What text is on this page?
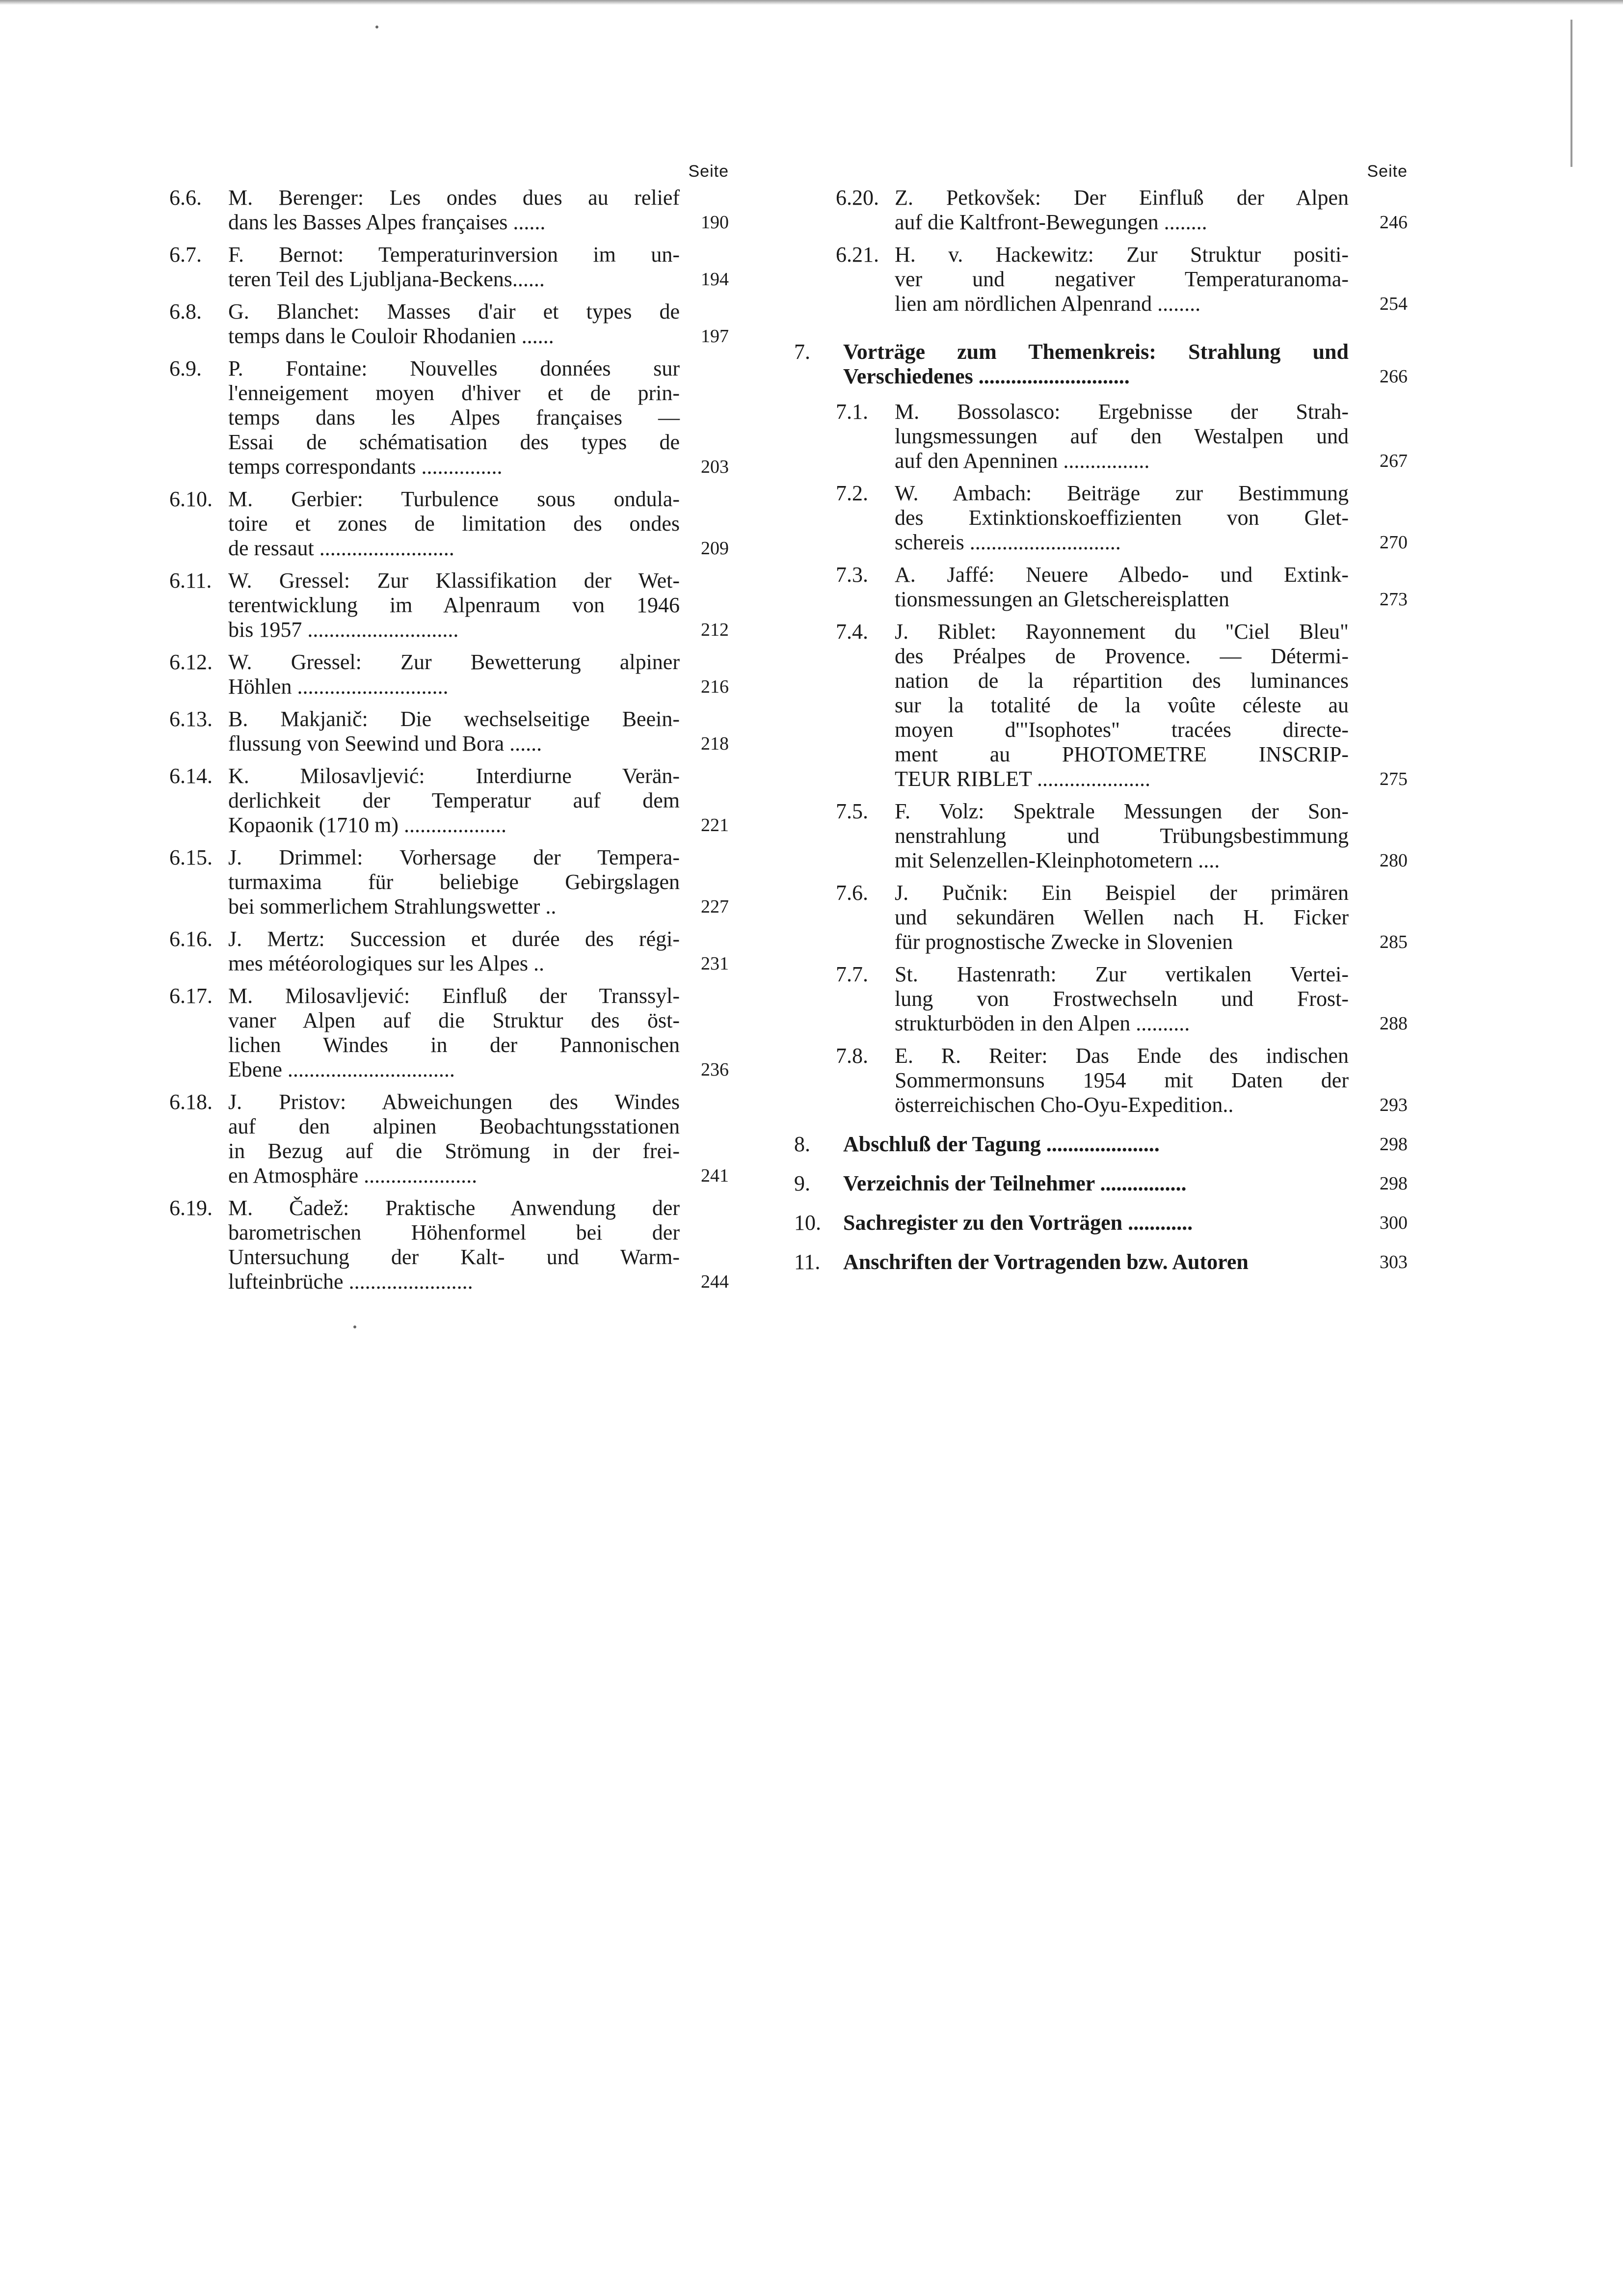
Seite
6.6. M. Berenger: Les ondes dues au relief
dans les Basses Alpes françaises ......	190
6.7. F. Bernot: Temperaturinversion im un-
teren Teil des Ljubljana-Beckens......	194
6.8. G. Blanchet: Masses d'air et types de
temps dans le Couloir Rhodanien ......	197
6.9. P. Fontaine: Nouvelles données sur
l'enneigement moyen d'hiver et de prin-
temps dans les Alpes françaises —
Essai de schématisation des types de
temps correspondants ...............	203
6.10. M. Gerbier: Turbulence sous ondula-
toire et zones de limitation des ondes
de ressaut .........................	209
6.11. W. Gressel: Zur Klassifikation der Wet-
terentwicklung im Alpenraum von 1946
bis 1957 ............................	212
6.12. W. Gressel: Zur Bewetterung alpiner
Höhlen ............................	216
6.13. B. Makjanič: Die wechselseitige Beein-
flussung von Seewind und Bora ......	218
6.14. K. Milosavljević: Interdiurne Verän-
derlichkeit der Temperatur auf dem
Kopaonik (1710 m) ...................	221
6.15. J. Drimmel: Vorhersage der Tempera-
turmaxima für beliebige Gebirgslagen
bei sommerlichem Strahlungswetter ..	227
6.16. J. Mertz: Succession et durée des régi-
mes météorologiques sur les Alpes ..	231
6.17. M. Milosavljević: Einfluß der Transsyl-
vaner Alpen auf die Struktur des öst-
lichen Windes in der Pannonischen
Ebene ...............................	236
6.18. J. Pristov: Abweichungen des Windes
auf den alpinen Beobachtungsstationen
in Bezug auf die Strömung in der frei-
en Atmosphäre .....................	241
6.19. M. Čadež: Praktische Anwendung der
barometrischen Höhenformel bei der
Untersuchung der Kalt- und Warm-
lufteinbrüche .......................	244
Seite
6.20. Z. Petkovšek: Der Einfluß der Alpen
auf die Kaltfront-Bewegungen ........	246
6.21. H. v. Hackewitz: Zur Struktur positi-
ver und negativer Temperaturanoma-
lien am nördlichen Alpenrand ........	254
7. Vorträge zum Themenkreis: Strahlung und
Verschiedenes ............................	266
7.1. M. Bossolasco: Ergebnisse der Strah-
lungsmessungen auf den Westalpen und
auf den Apenninen ................	267
7.2. W. Ambach: Beiträge zur Bestimmung
des Extinktionskoeffizienten von Glet-
schereis ............................	270
7.3. A. Jaffé: Neuere Albedo- und Extink-
tionsmessungen an Gletschereisplatten	273
7.4. J. Riblet: Rayonnement du "Ciel Bleu"
des Préalpes de Provence. — Détermi-
nation de la répartition des luminances
sur la totalité de la voûte céleste au
moyen d'"Isophotes" tracées directe-
ment au PHOTOMETRE INSCRIP-
TEUR RIBLET .....................	275
7.5. F. Volz: Spektrale Messungen der Son-
nenstrahlung und Trübungsbestimmung
mit Selenzellen-Kleinphotometern ....	280
7.6. J. Pučnik: Ein Beispiel der primären
und sekundären Wellen nach H. Ficker
für prognostische Zwecke in Slovenien	285
7.7. St. Hastenrath: Zur vertikalen Vertei-
lung von Frostwechseln und Frost-
strukturböden in den Alpen ..........	288
7.8. E. R. Reiter: Das Ende des indischen
Sommermonsuns 1954 mit Daten der
österreichischen Cho-Oyu-Expedition..	293
8. Abschluß der Tagung .....................	298
9. Verzeichnis der Teilnehmer ................	298
10. Sachregister zu den Vorträgen ............	300
11. Anschriften der Vortragenden bzw. Autoren	303
